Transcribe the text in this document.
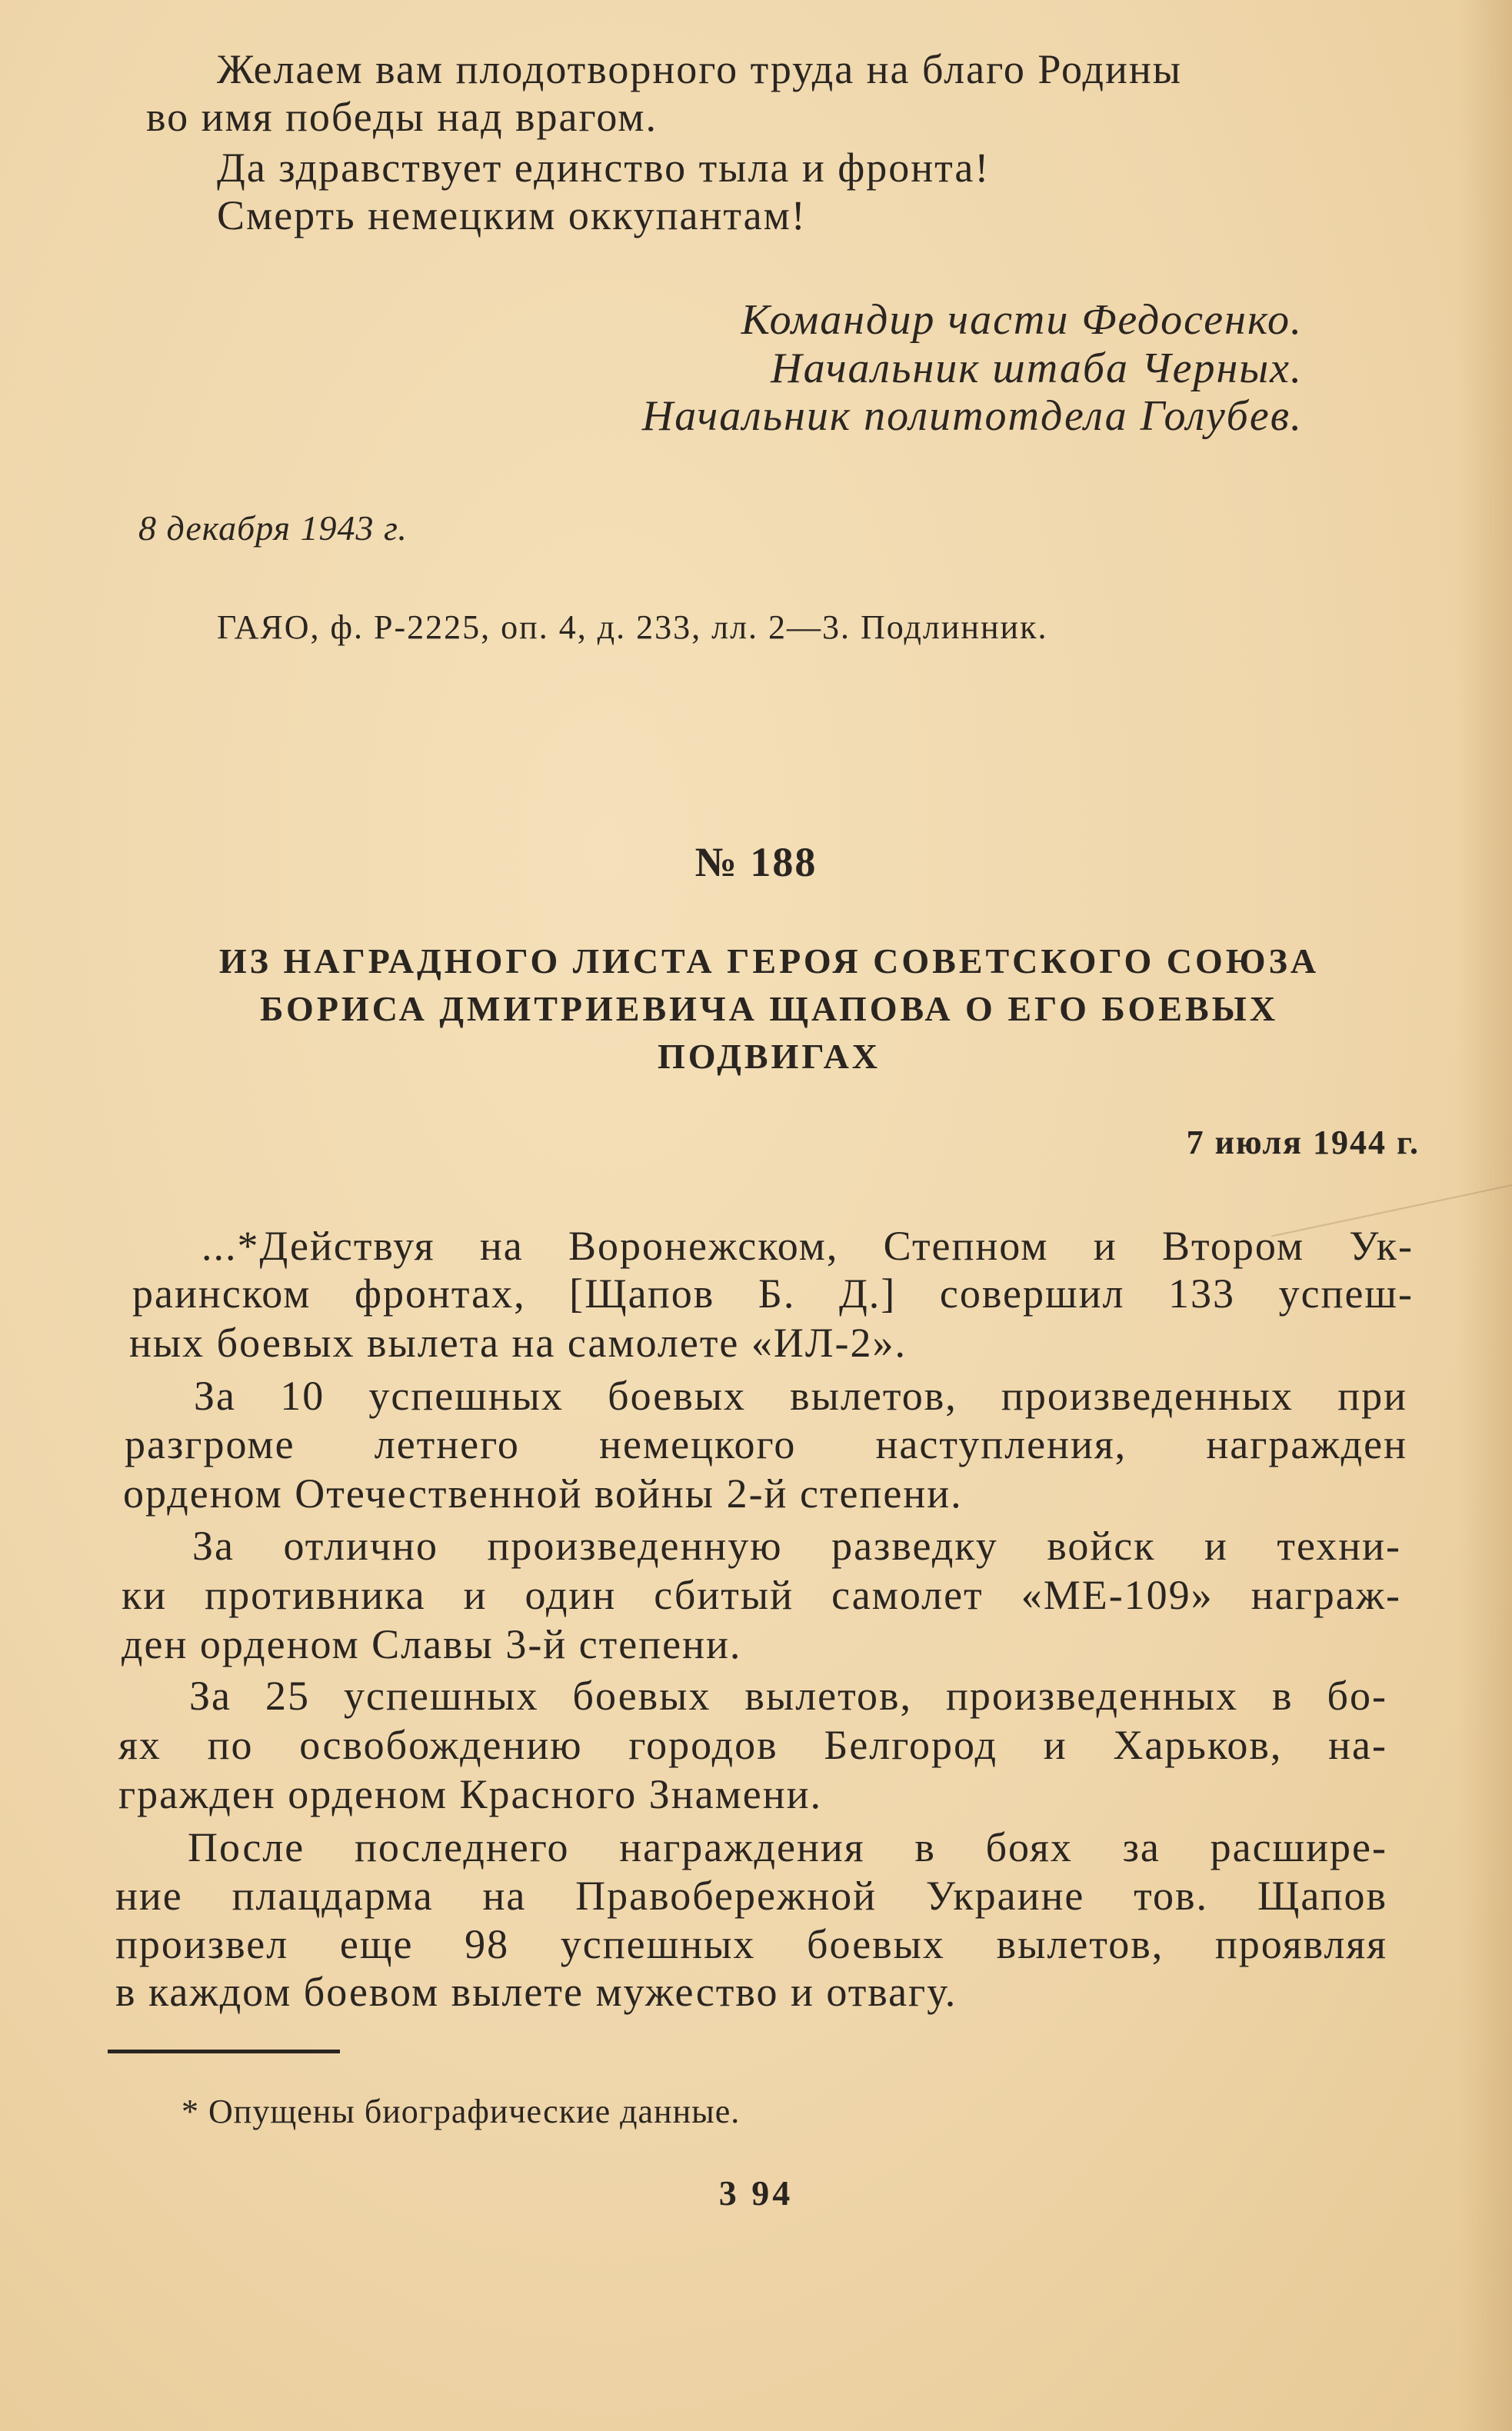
Желаем вам плодотворного труда на благо Родины
во имя победы над врагом.
Да здравствует единство тыла и фронта!
Смерть немецким оккупантам!
Командир части Федосенко.
Начальник штаба Черных.
Начальник политотдела Голубев.
8 декабря 1943 г.
ГАЯО, ф. Р-2225, оп. 4, д. 233, лл. 2—3. Подлинник.
№ 188
ИЗ НАГРАДНОГО ЛИСТА ГЕРОЯ СОВЕТСКОГО СОЮЗА
БОРИСА ДМИТРИЕВИЧА ЩАПОВА О ЕГО БОЕВЫХ
ПОДВИГАХ
7 июля 1944 г.
...*Действуя на Воронежском, Степном и Втором Ук-
раинском фронтах, [Щапов Б. Д.] совершил 133 успеш-
ных боевых вылета на самолете «ИЛ-2».
За 10 успешных боевых вылетов, произведенных при
разгроме летнего немецкого наступления, награжден
орденом Отечественной войны 2-й степени.
За отлично произведенную разведку войск и техни-
ки противника и один сбитый самолет «МЕ-109» награж-
ден орденом Славы 3-й степени.
За 25 успешных боевых вылетов, произведенных в бо-
ях по освобождению городов Белгород и Харьков, на-
гражден орденом Красного Знамени.
После последнего награждения в боях за расшире-
ние плацдарма на Правобережной Украине тов. Щапов
произвел еще 98 успешных боевых вылетов, проявляя
в каждом боевом вылете мужество и отвагу.
* Опущены биографические данные.
3 94
